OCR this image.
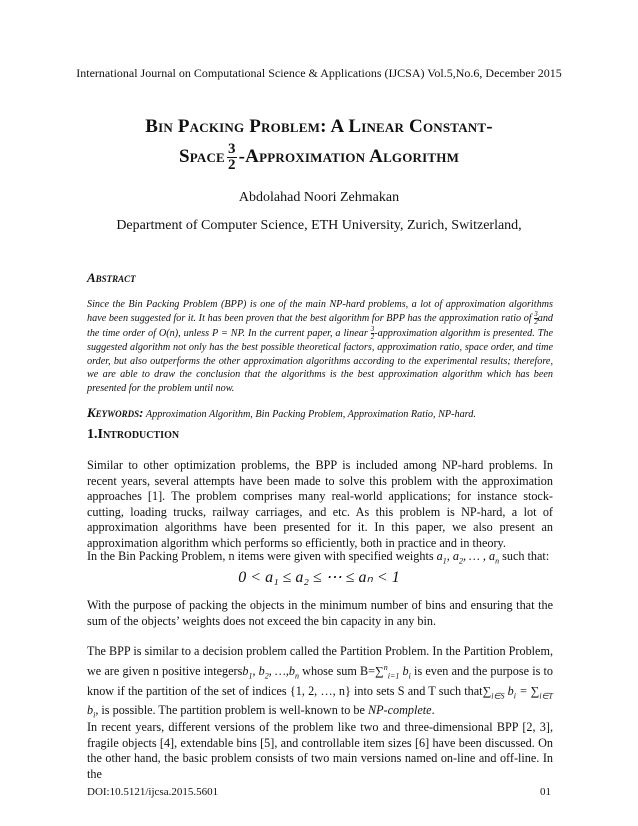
International Journal on Computational Science & Applications (IJCSA) Vol.5,No.6, December 2015
Bin Packing Problem: A Linear Constant-
Space $\frac{3}{2}$ -Approximation Algorithm
Abdolahad Noori Zehmakan
Department of Computer Science, ETH University, Zurich, Switzerland,
Abstract
Since the Bin Packing Problem (BPP) is one of the main NP-hard problems, a lot of approximation algorithms have been suggested for it. It has been proven that the best algorithm for BPP has the approximation ratio of $\frac{3}{2}$ and the time order of O(n), unless P = NP. In the current paper, a linear $\frac{3}{2}$ -approximation algorithm is presented. The suggested algorithm not only has the best possible theoretical factors, approximation ratio, space order, and time order, but also outperforms the other approximation algorithms according to the experimental results; therefore, we are able to draw the conclusion that the algorithms is the best approximation algorithm which has been presented for the problem until now.
Keywords: Approximation Algorithm, Bin Packing Problem, Approximation Ratio, NP-hard.
1.Introduction
Similar to other optimization problems, the BPP is included among NP-hard problems. In recent years, several attempts have been made to solve this problem with the approximation approaches [1]. The problem comprises many real-world applications; for instance stock-cutting, loading trucks, railway carriages, and etc. As this problem is NP-hard, a lot of approximation algorithms have been presented for it. In this paper, we also present an approximation algorithm which performs so efficiently, both in practice and in theory.
In the Bin Packing Problem, n items were given with specified weights $a_1$, $a_2$, … , $a_n$ such that:
0 < a₁ ≤ a₂ ≤ ⋯ ≤ aₙ < 1
With the purpose of packing the objects in the minimum number of bins and ensuring that the sum of the objects’ weights does not exceed the bin capacity in any bin.
The BPP is similar to a decision problem called the Partition Problem. In the Partition Problem, we are given n positive integersb$_1$, $b_2$, $\dots,b_n$ whose sum B=∑$^n_{i=1}$ $b_i$ is even and the purpose is to know if the partition of the set of indices {1, 2, …, n} into sets S and T such $that\sum_{i\in S}$ $b_i = \sum_{i\in T}$ $b_i$, is possible. The partition problem is well-known to be NP-complete.
In recent years, different versions of the problem like two and three-dimensional BPP [2, 3], fragile objects [4], extendable bins [5], and controllable item sizes [6] have been discussed. On the other hand, the basic problem consists of two main versions named on-line and off-line. In the
DOI:10.5121/ijcsa.2015.5601	01
